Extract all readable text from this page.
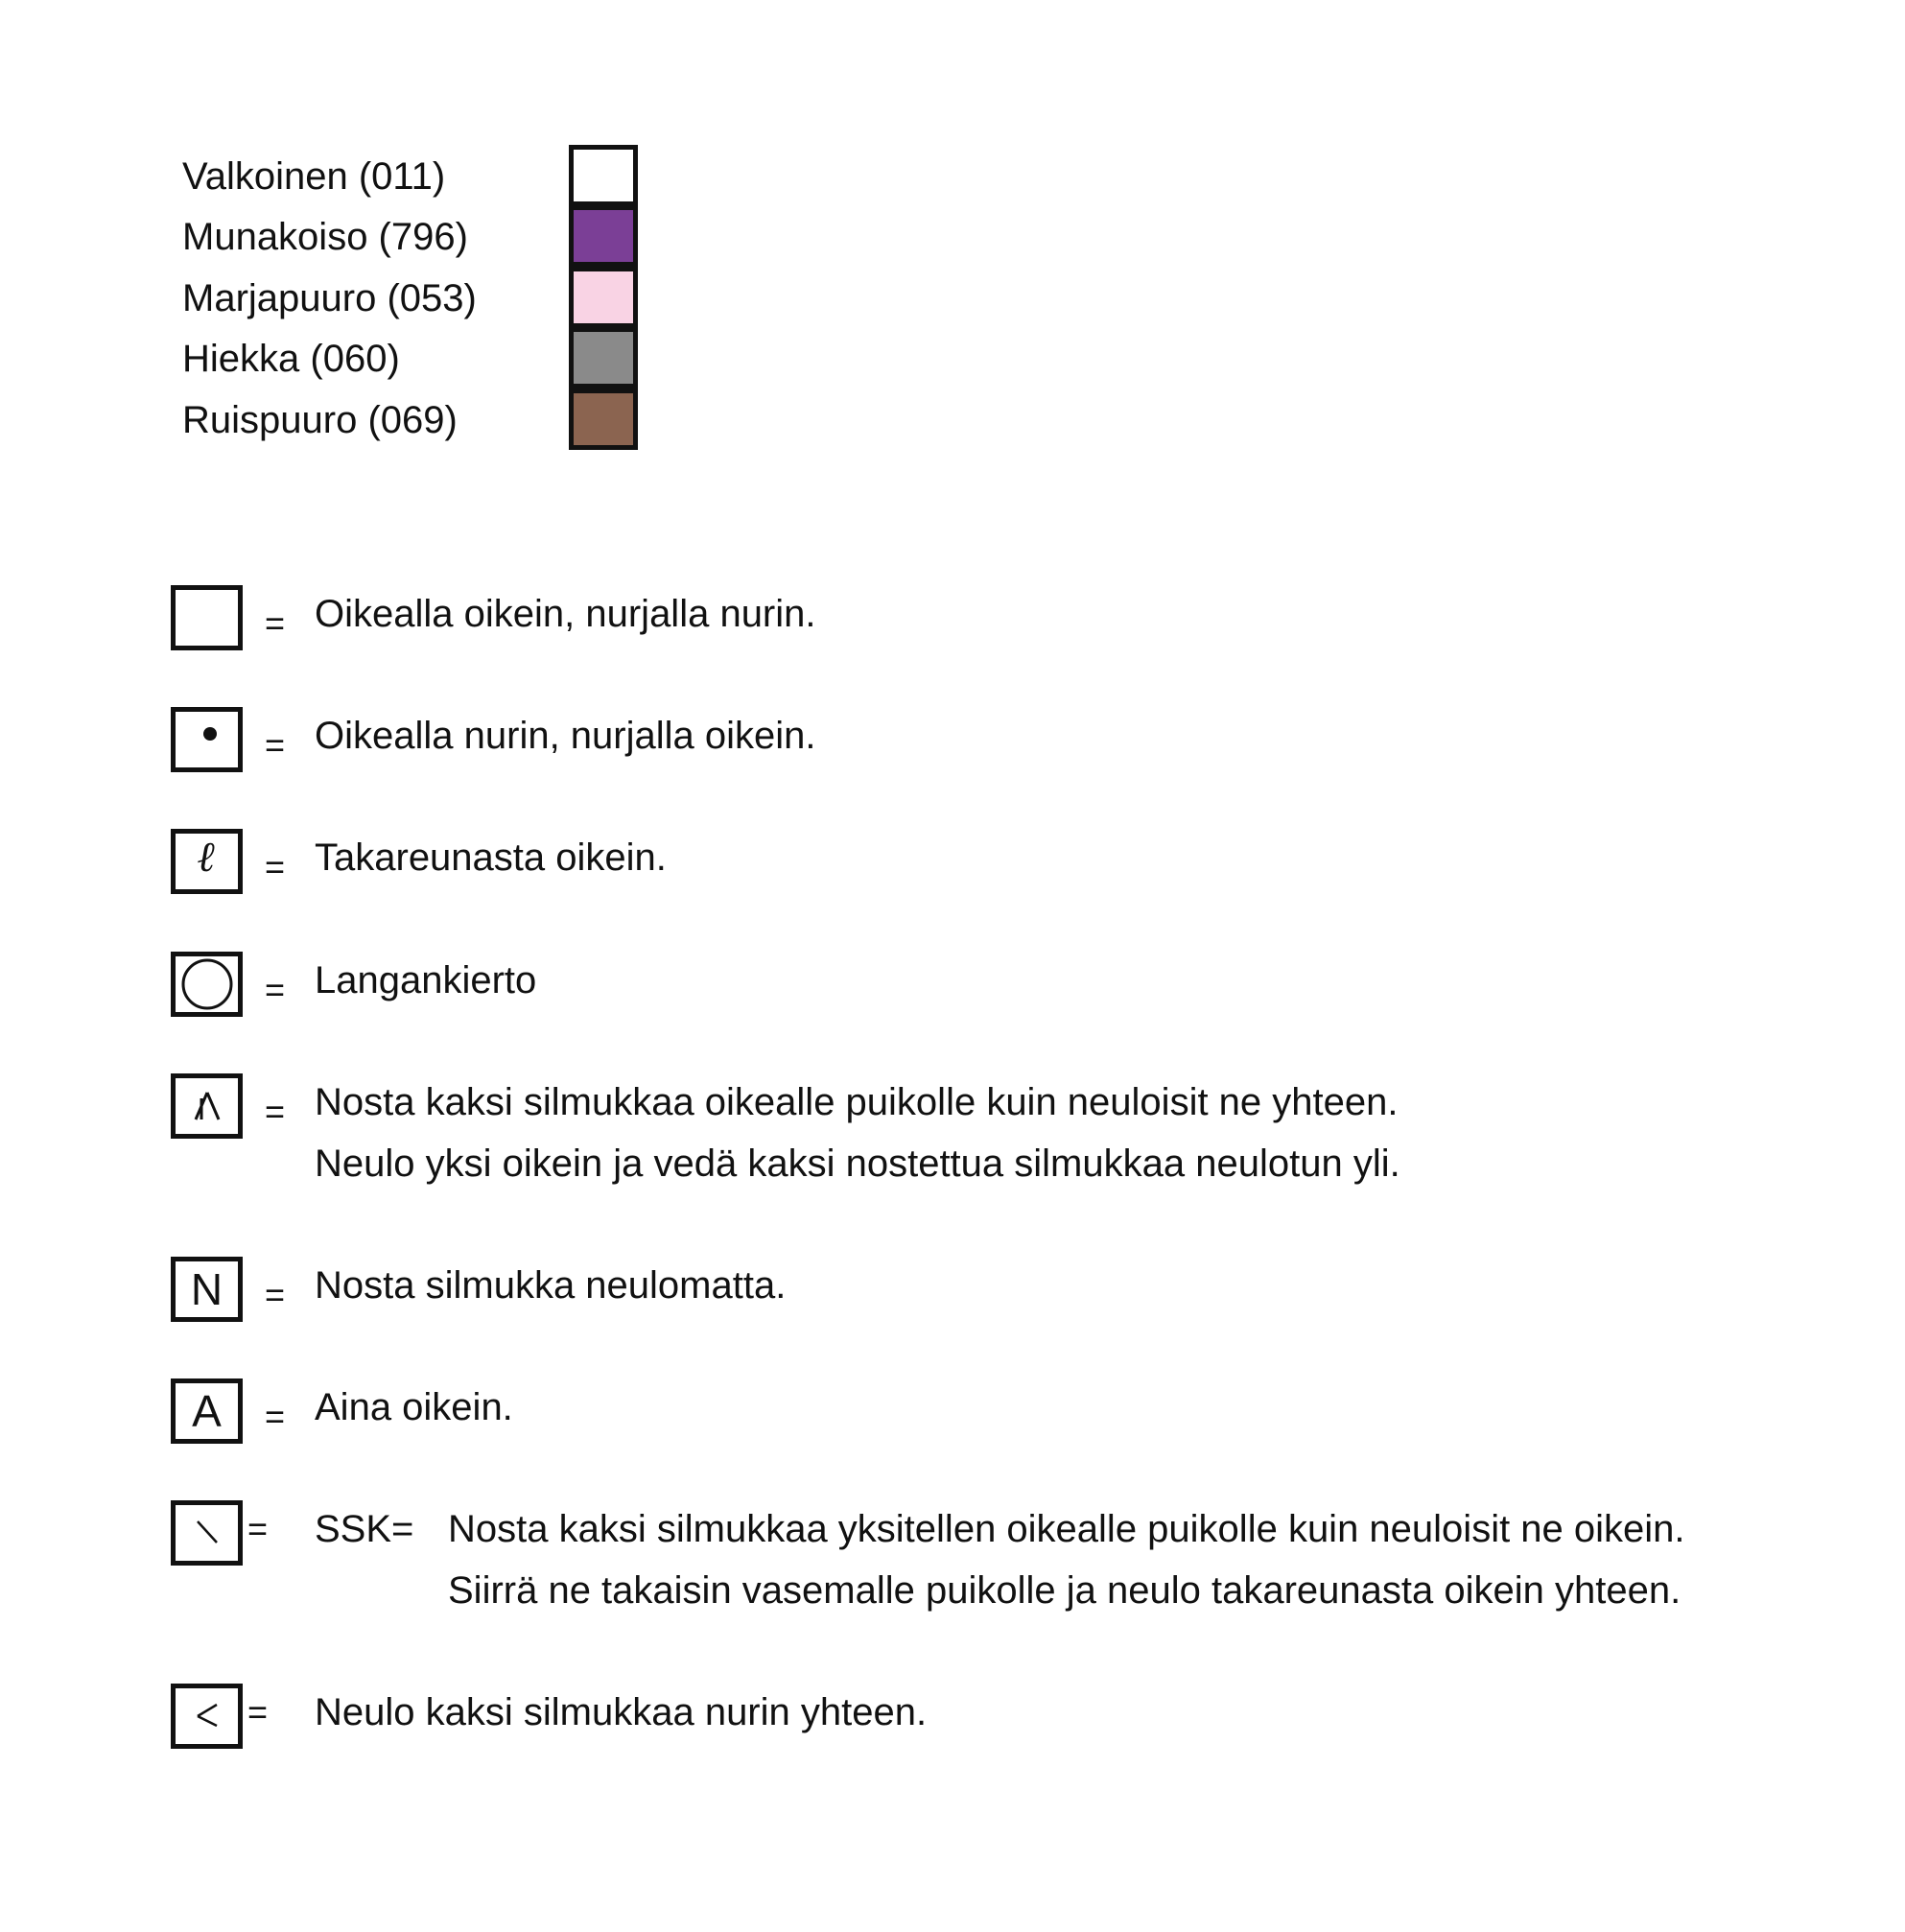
Valkoinen (011)
Munakoiso (796)
Marjapuuro (053)
Hiekka (060)
Ruispuuro (069)
= Oikealla oikein, nurjalla nurin.
= Oikealla nurin, nurjalla oikein.
ℓ = Takareunasta oikein.
= Langankierto
= Nosta kaksi silmukkaa oikealle puikolle kuin neuloisit ne yhteen.
Neulo yksi oikein ja vedä kaksi nostettua silmukkaa neulotun yli.
N = Nosta silmukka neulomatta.
A = Aina oikein.
= SSK= Nosta kaksi silmukkaa yksitellen oikealle puikolle kuin neuloisit ne oikein.
Siirrä ne takaisin vasemalle puikolle ja neulo takareunasta oikein yhteen.
= Neulo kaksi silmukkaa nurin yhteen.
